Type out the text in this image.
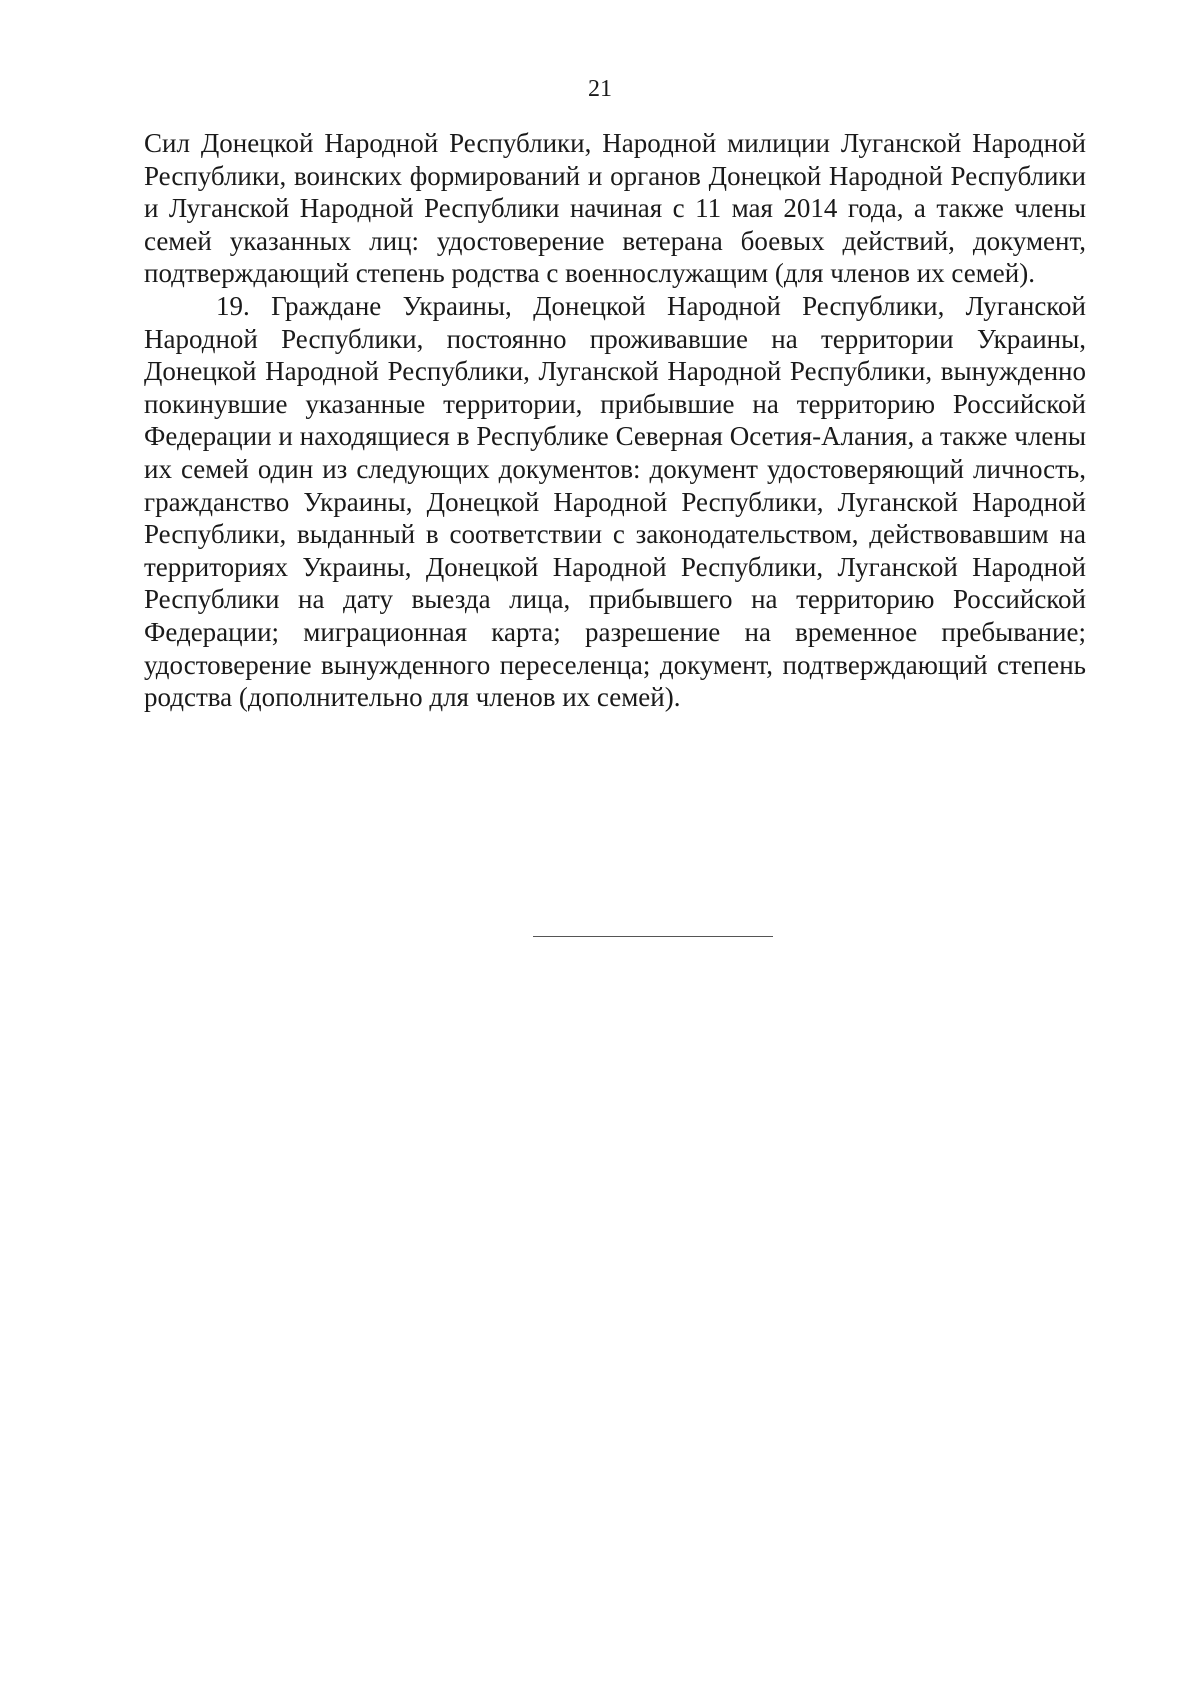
21

Сил Донецкой Народной Республики, Народной милиции Луганской Народной Республики, воинских формирований и органов Донецкой Народной Республики и Луганской Народной Республики начиная с 11 мая 2014 года, а также члены семей указанных лиц: удостоверение ветерана боевых действий, документ, подтверждающий степень родства с военнослужащим (для членов их семей).

19. Граждане Украины, Донецкой Народной Республики, Луганской Народной Республики, постоянно проживавшие на территории Украины, Донецкой Народной Республики, Луганской Народной Республики, вынужденно покинувшие указанные территории, прибывшие на территорию Российской Федерации и находящиеся в Республике Северная Осетия-Алания, а также члены их семей один из следующих документов: документ удостоверяющий личность, гражданство Украины, Донецкой Народной Республики, Луганской Народной Республики, выданный в соответствии с законодательством, действовавшим на территориях Украины, Донецкой Народной Республики, Луганской Народной Республики на дату выезда лица, прибывшего на территорию Российской Федерации; миграционная карта; разрешение на временное пребывание; удостоверение вынужденного переселенца; документ, подтверждающий степень родства (дополнительно для членов их семей).
